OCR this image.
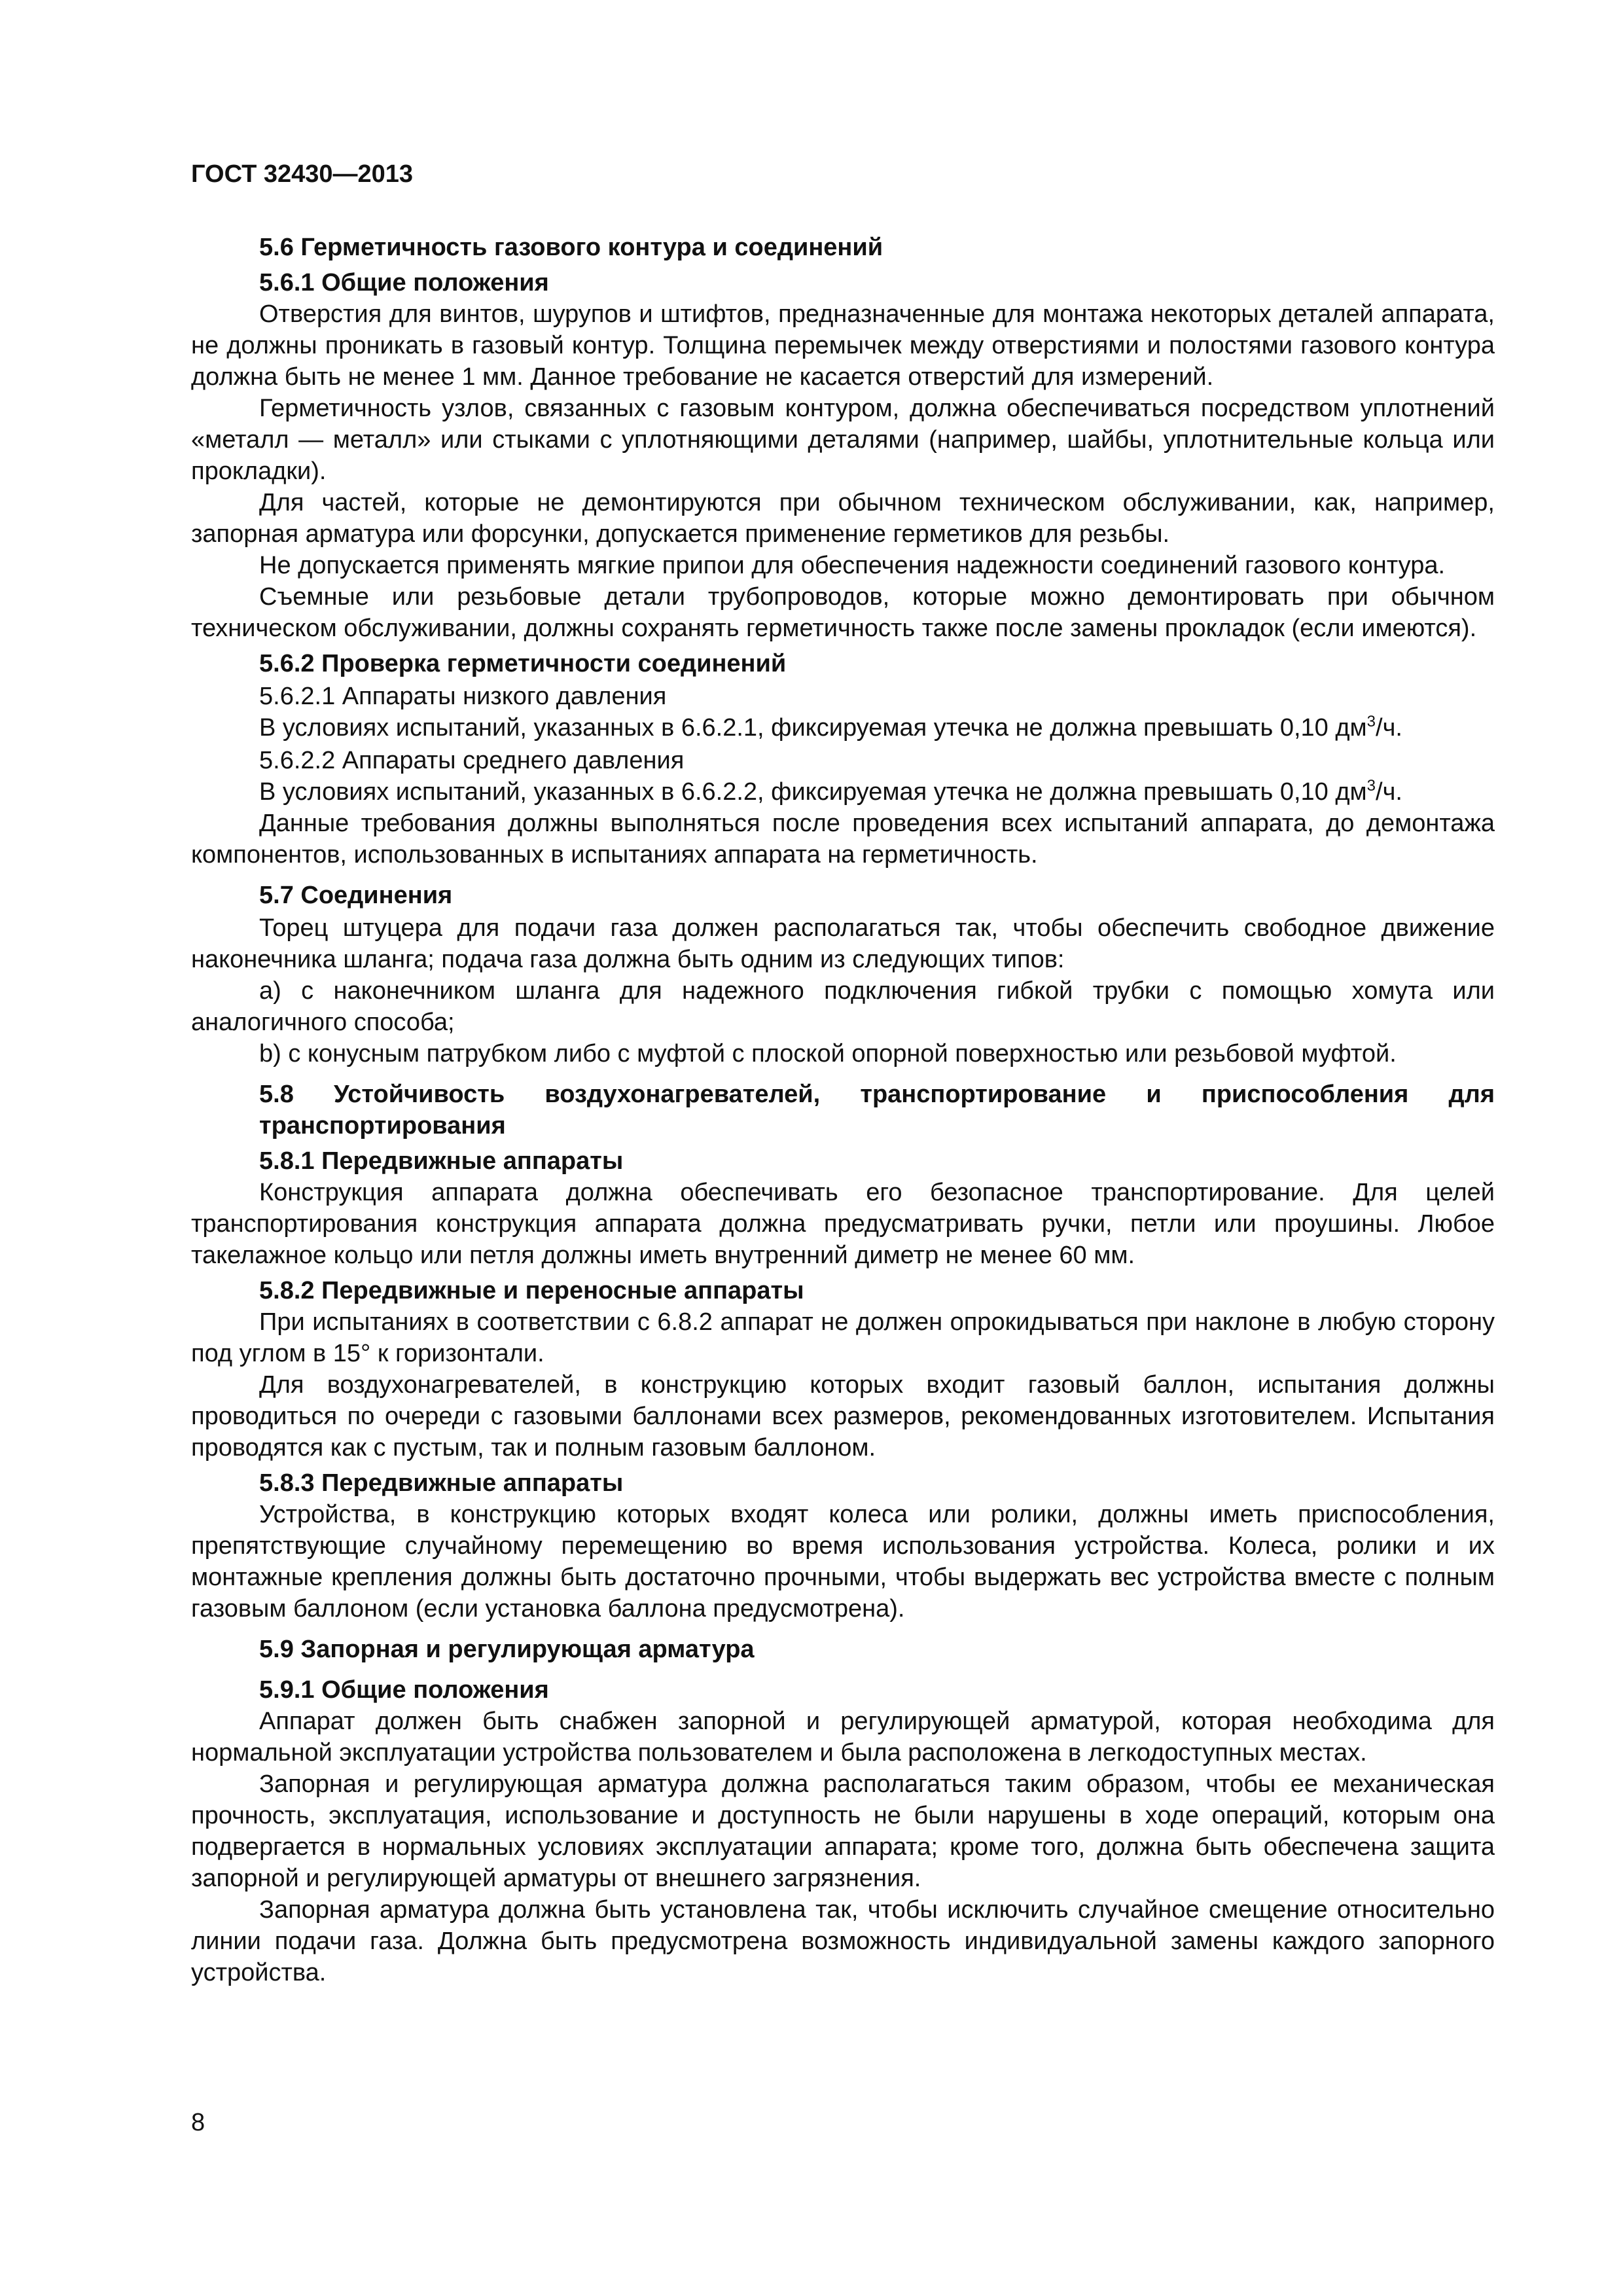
ГОСТ 32430—2013

5.6 Герметичность газового контура и соединений

5.6.1 Общие положения

Отверстия для винтов, шурупов и штифтов, предназначенные для монтажа некоторых деталей аппарата, не должны проникать в газовый контур. Толщина перемычек между отверстиями и полостями газового контура должна быть не менее 1 мм. Данное требование не касается отверстий для измерений.

Герметичность узлов, связанных с газовым контуром, должна обеспечиваться посредством уплотнений «металл — металл» или стыками с уплотняющими деталями (например, шайбы, уплотнительные кольца или прокладки).

Для частей, которые не демонтируются при обычном техническом обслуживании, как, например, запорная арматура или форсунки, допускается применение герметиков для резьбы.

Не допускается применять мягкие припои для обеспечения надежности соединений газового контура.

Съемные или резьбовые детали трубопроводов, которые можно демонтировать при обычном техническом обслуживании, должны сохранять герметичность также после замены прокладок (если имеются).

5.6.2 Проверка герметичности соединений

5.6.2.1 Аппараты низкого давления

В условиях испытаний, указанных в 6.6.2.1, фиксируемая утечка не должна превышать 0,10 $дм^3/ч$.

5.6.2.2 Аппараты среднего давления

В условиях испытаний, указанных в 6.6.2.2, фиксируемая утечка не должна превышать 0,10 $дм^3/ч$.

Данные требования должны выполняться после проведения всех испытаний аппарата, до демонтажа компонентов, использованных в испытаниях аппарата на герметичность.

5.7 Соединения

Торец штуцера для подачи газа должен располагаться так, чтобы обеспечить свободное движение наконечника шланга; подача газа должна быть одним из следующих типов:

a) с наконечником шланга для надежного подключения гибкой трубки с помощью хомута или аналогичного способа;

b) с конусным патрубком либо с муфтой с плоской опорной поверхностью или резьбовой муфтой.

5.8 Устойчивость воздухонагревателей, транспортирование и приспособления для транспортирования

5.8.1 Передвижные аппараты

Конструкция аппарата должна обеспечивать его безопасное транспортирование. Для целей транспортирования конструкция аппарата должна предусматривать ручки, петли или проушины. Любое такелажное кольцо или петля должны иметь внутренний диметр не менее 60 мм.

5.8.2 Передвижные и переносные аппараты

При испытаниях в соответствии с 6.8.2 аппарат не должен опрокидываться при наклоне в любую сторону под углом в 15° к горизонтали.

Для воздухонагревателей, в конструкцию которых входит газовый баллон, испытания должны проводиться по очереди с газовыми баллонами всех размеров, рекомендованных изготовителем. Испытания проводятся как с пустым, так и полным газовым баллоном.

5.8.3 Передвижные аппараты

Устройства, в конструкцию которых входят колеса или ролики, должны иметь приспособления, препятствующие случайному перемещению во время использования устройства. Колеса, ролики и их монтажные крепления должны быть достаточно прочными, чтобы выдержать вес устройства вместе с полным газовым баллоном (если установка баллона предусмотрена).

5.9 Запорная и регулирующая арматура

5.9.1 Общие положения

Аппарат должен быть снабжен запорной и регулирующей арматурой, которая необходима для нормальной эксплуатации устройства пользователем и была расположена в легкодоступных местах.

Запорная и регулирующая арматура должна располагаться таким образом, чтобы ее механическая прочность, эксплуатация, использование и доступность не были нарушены в ходе операций, которым она подвергается в нормальных условиях эксплуатации аппарата; кроме того, должна быть обеспечена защита запорной и регулирующей арматуры от внешнего загрязнения.

Запорная арматура должна быть установлена так, чтобы исключить случайное смещение относительно линии подачи газа. Должна быть предусмотрена возможность индивидуальной замены каждого запорного устройства.

8
